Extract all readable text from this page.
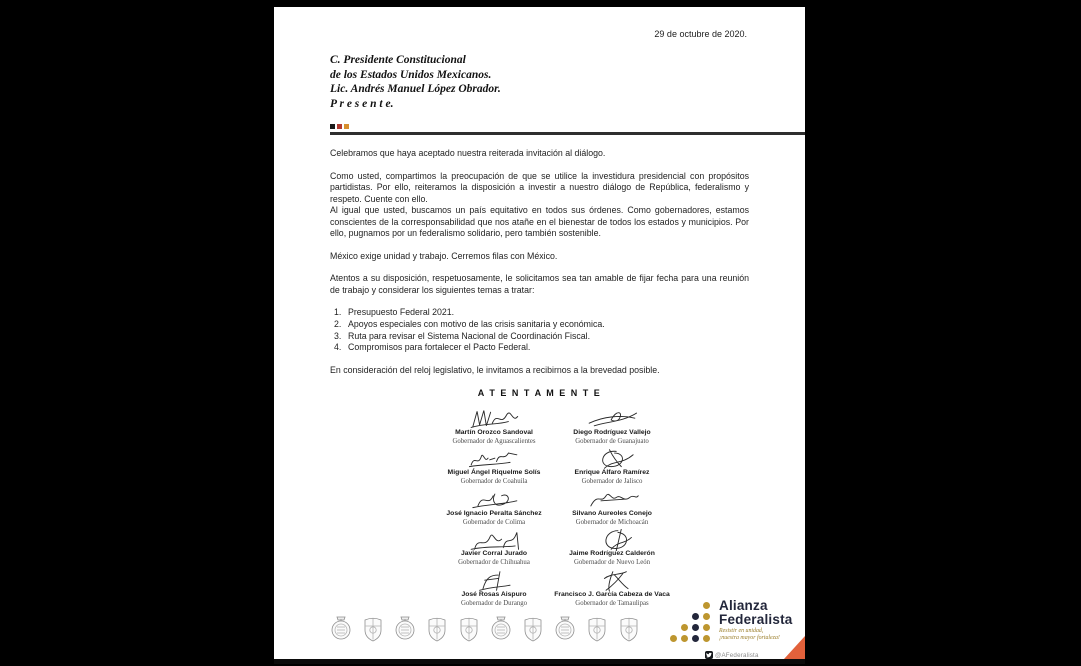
29 de octubre de 2020.
C. Presidente Constitucional
de los Estados Unidos Mexicanos.
Lic. Andrés Manuel López Obrador.
P r e s e n t e.

Celebramos que haya aceptado nuestra reiterada invitación al diálogo.

Como usted, compartimos la preocupación de que se utilice la investidura presidencial con propósitos partidistas. Por ello, reiteramos la disposición a investir a nuestro diálogo de República, federalismo y respeto. Cuente con ello.

Al igual que usted, buscamos un país equitativo en todos sus órdenes. Como gobernadores, estamos conscientes de la corresponsabilidad que nos atañe en el bienestar de todos los estados y municipios. Por ello, pugnamos por un federalismo solidario, pero también sostenible.

México exige unidad y trabajo. Cerremos filas con México.

Atentos a su disposición, respetuosamente, le solicitamos sea tan amable de fijar fecha para una reunión de trabajo y considerar los siguientes temas a tratar:

1. Presupuesto Federal 2021.
2. Apoyos especiales con motivo de las crisis sanitaria y económica.
3. Ruta para revisar el Sistema Nacional de Coordinación Fiscal.
4. Compromisos para fortalecer el Pacto Federal.

En consideración del reloj legislativo, le invitamos a recibirnos a la brevedad posible.

A T E N T A M E N T E
Martín Orozco Sandoval
Gobernador de Aguascalientes
Diego Rodríguez Vallejo
Gobernador de Guanajuato
Miguel Ángel Riquelme Solís
Gobernador de Coahuila
Enrique Alfaro Ramírez
Gobernador de Jalisco
José Ignacio Peralta Sánchez
Gobernador de Colima
Silvano Aureoles Conejo
Gobernador de Michoacán
Javier Corral Jurado
Gobernador de Chihuahua
Jaime Rodríguez Calderón
Gobernador de Nuevo León
José Rosas Aispuro
Gobernador de Durango
Francisco J. García Cabeza de Vaca
Gobernador de Tamaulipas	Alianza
Federalista
Resistir en unidad,
¡nuestra mayor fortaleza!
@AFederalista
